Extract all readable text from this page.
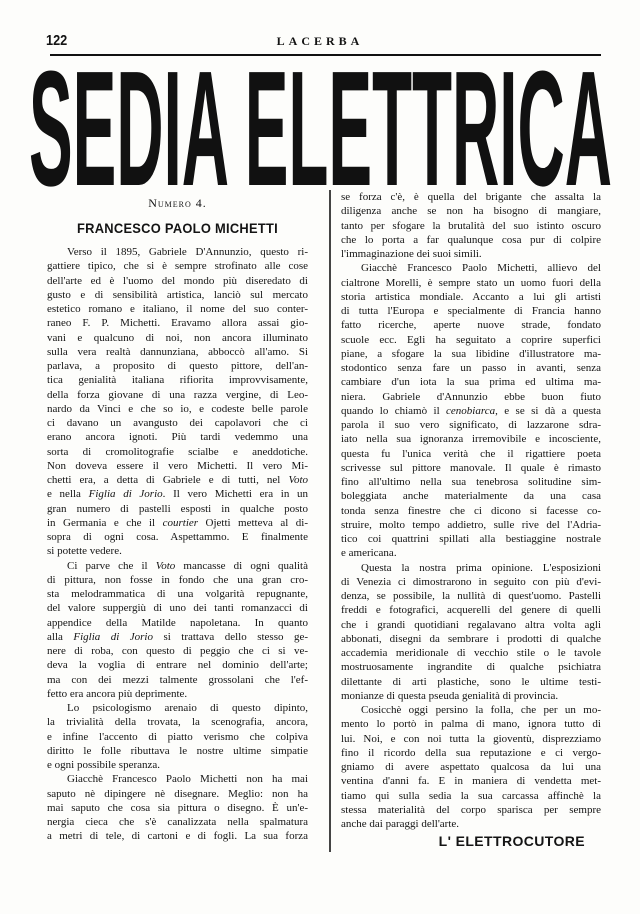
122	LACERBA
SEDIA ELETTRICA
Numero 4.
FRANCESCO PAOLO MICHETTI
Verso il 1895, Gabriele D'Annunzio, questo ri-
gattiere tipico, che si è sempre strofinato alle cose
dell'arte ed è l'uomo del mondo più diseredato di
gusto e di sensibilità artistica, lanciò sul mercato
estetico romano e italiano, il nome del suo conter-
raneo F. P. Michetti. Eravamo allora assai gio-
vani e qualcuno di noi, non ancora illuminato
sulla vera realtà dannunziana, abboccò all'amo. Si
parlava, a proposito di questo pittore, dell'an-
tica genialità italiana rifiorita improvvisamente,
della forza giovane di una razza vergine, di Leo-
nardo da Vinci e che so io, e codeste belle parole
ci davano un avangusto dei capolavori che ci
erano ancora ignoti. Più tardi vedemmo una
sorta di cromolitografie scialbe e aneddotiche.
Non doveva essere il vero Michetti. Il vero Mi-
chetti era, a detta di Gabriele e di tutti, nel Voto
e nella Figlia di Jorio. Il vero Michetti era in un
gran numero di pastelli esposti in qualche posto
in Germania e che il courtier Ojetti metteva al di-
sopra di ogni cosa. Aspettammo. E finalmente
si potette vedere.
Ci parve che il Voto mancasse di ogni qualità
di pittura, non fosse in fondo che una gran cro-
sta melodrammatica di una volgarità repugnante,
del valore suppergiù di uno dei tanti romanzacci di
appendice della Matilde napoletana. In quanto
alla Figlia di Jorio si trattava dello stesso ge-
nere di roba, con questo di peggio che ci si ve-
deva la voglia di entrare nel dominio dell'arte;
ma con dei mezzi talmente grossolani che l'ef-
fetto era ancora più deprimente.
Lo psicologismo arenaio di questo dipinto,
la trivialità della trovata, la scenografia, ancora,
e infine l'accento di piatto verismo che colpiva
diritto le folle ributtava le nostre ultime simpatie
e ogni possibile speranza.
Giacchè Francesco Paolo Michetti non ha mai
saputo nè dipingere nè disegnare. Meglio: non ha
mai saputo che cosa sia pittura o disegno. È un'e-
nergia cieca che s'è canalizzata nella spalmatura
a metri di tele, di cartoni e di fogli. La sua forza
se forza c'è, è quella del brigante che assalta la
diligenza anche se non ha bisogno di mangiare,
tanto per sfogare la brutalità del suo istinto oscuro
che lo porta a far qualunque cosa pur di colpire
l'immaginazione dei suoi simili.
Giacchè Francesco Paolo Michetti, allievo del
cialtrone Morelli, è sempre stato un uomo fuori della
storia artistica mondiale. Accanto a lui gli artisti
di tutta l'Europa e specialmente di Francia hanno
fatto ricerche, aperte nuove strade, fondato
scuole ecc. Egli ha seguitato a coprire superfici
piane, a sfogare la sua libidine d'illustratore ma-
stodontico senza fare un passo in avanti, senza
cambiare d'un iota la sua prima ed ultima ma-
niera. Gabriele d'Annunzio ebbe buon fiuto
quando lo chiamò il cenobiarca, e se si dà a questa
parola il suo vero significato, di lazzarone sdra-
iato nella sua ignoranza irremovibile e incosciente,
questa fu l'unica verità che il rigattiere poeta
scrivesse sul pittore manovale. Il quale è rimasto
fino all'ultimo nella sua tenebrosa solitudine sim-
boleggiata anche materialmente da una casa
tonda senza finestre che ci dicono si facesse co-
struire, molto tempo addietro, sulle rive del l'Adria-
tico coi quattrini spillati alla bestiaggine nostrale
e americana.
Questa la nostra prima opinione. L'esposizioni
di Venezia ci dimostrarono in seguito con più d'evi-
denza, se possibile, la nullità di quest'uomo. Pastelli
freddi e fotografici, acquerelli del genere di quelli
che i grandi quotidiani regalavano altra volta agli
abbonati, disegni da sembrare i prodotti di qualche
accademia meridionale di vecchio stile o le tavole
mostruosamente ingrandite di qualche psichiatra
dilettante di arti plastiche, sono le ultime testi-
monianze di questa pseuda genialità di provincia.
Cosicchè oggi persino la folla, che per un mo-
mento lo portò in palma di mano, ignora tutto di
lui. Noi, e con noi tutta la gioventù, disprezziamo
fino il ricordo della sua reputazione e ci vergo-
gniamo di avere aspettato qualcosa da lui una
ventina d'anni fa. E in maniera di vendetta met-
tiamo qui sulla sedia la sua carcassa affinchè la
stessa materialità del corpo sparisca per sempre
anche dai paraggi dell'arte.
L' ELETTROCUTORE
